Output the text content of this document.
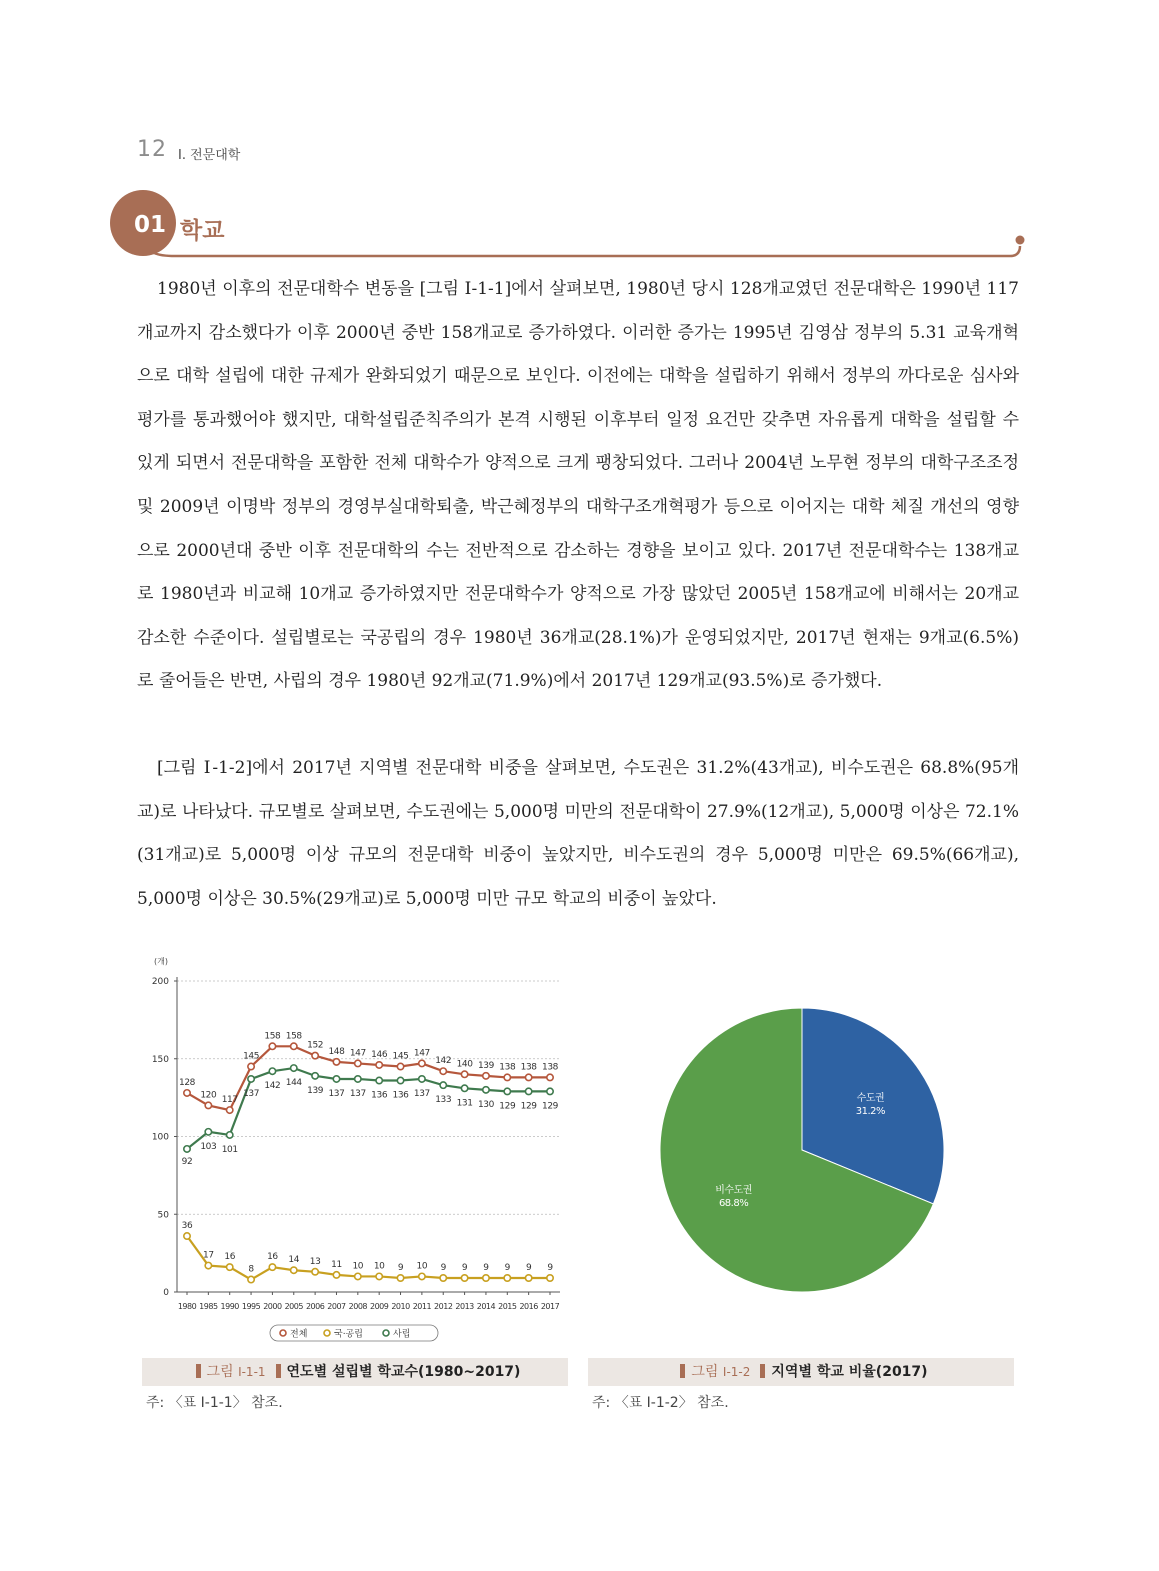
12 Ⅰ. 전문대학
01 학교

1980년 이후의 전문대학수 변동을 [그림 Ⅰ-1-1]에서 살펴보면, 1980년 당시 128개교였던 전문대학은 1990년 117개교까지 감소했다가 이후 2000년 중반 158개교로 증가하였다. 이러한 증가는 1995년 김영삼 정부의 5.31 교육개혁으로 대학 설립에 대한 규제가 완화되었기 때문으로 보인다. 이전에는 대학을 설립하기 위해서 정부의 까다로운 심사와 평가를 통과했어야 했지만, 대학설립준칙주의가 본격 시행된 이후부터 일정 요건만 갖추면 자유롭게 대학을 설립할 수 있게 되면서 전문대학을 포함한 전체 대학수가 양적으로 크게 팽창되었다. 그러나 2004년 노무현 정부의 대학구조조정 및 2009년 이명박 정부의 경영부실대학퇴출, 박근혜정부의 대학구조개혁평가 등으로 이어지는 대학 체질 개선의 영향으로 2000년대 중반 이후 전문대학의 수는 전반적으로 감소하는 경향을 보이고 있다. 2017년 전문대학수는 138개교로 1980년과 비교해 10개교 증가하였지만 전문대학수가 양적으로 가장 많았던 2005년 158개교에 비해서는 20개교 감소한 수준이다. 설립별로는 국공립의 경우 1980년 36개교(28.1%)가 운영되었지만, 2017년 현재는 9개교(6.5%)로 줄어들은 반면, 사립의 경우 1980년 92개교(71.9%)에서 2017년 129개교(93.5%)로 증가했다.

[그림 Ⅰ-1-2]에서 2017년 지역별 전문대학 비중을 살펴보면, 수도권은 31.2%(43개교), 비수도권은 68.8%(95개교)로 나타났다. 규모별로 살펴보면, 수도권에는 5,000명 미만의 전문대학이 27.9%(12개교), 5,000명 이상은 72.1%(31개교)로 5,000명 이상 규모의 전문대학 비중이 높았지만, 비수도권의 경우 5,000명 미만은 69.5%(66개교), 5,000명 이상은 30.5%(29개교)로 5,000명 미만 규모 학교의 비중이 높았다.

(개)
0
50
100
150
200
1980 1985 1990 1995 2000 2005 2006 2007 2008 2009 2010 2011 2012 2013 2014 2015 2016 2017
128
120 117
145
158 158
152
148 147 146 145 147
142 140 139 138 138 138
36
17 16
8
16 14 13 11 10 10 9 10 9 9 9 9 9 9
92
103 101
137
142 144
139 137 137 136 136 137
133 131 130 129 129 129
전체	국·공립	사립
수도권
31.2%
비수도권
68.8%
그림 Ⅰ-1-1 연도별 설립별 학교수(1980~2017)	그림 Ⅰ-1-2 지역별 학교 비율(2017)
주: 〈표 Ⅰ-1-1〉 참조.	주: 〈표 Ⅰ-1-2〉 참조.
